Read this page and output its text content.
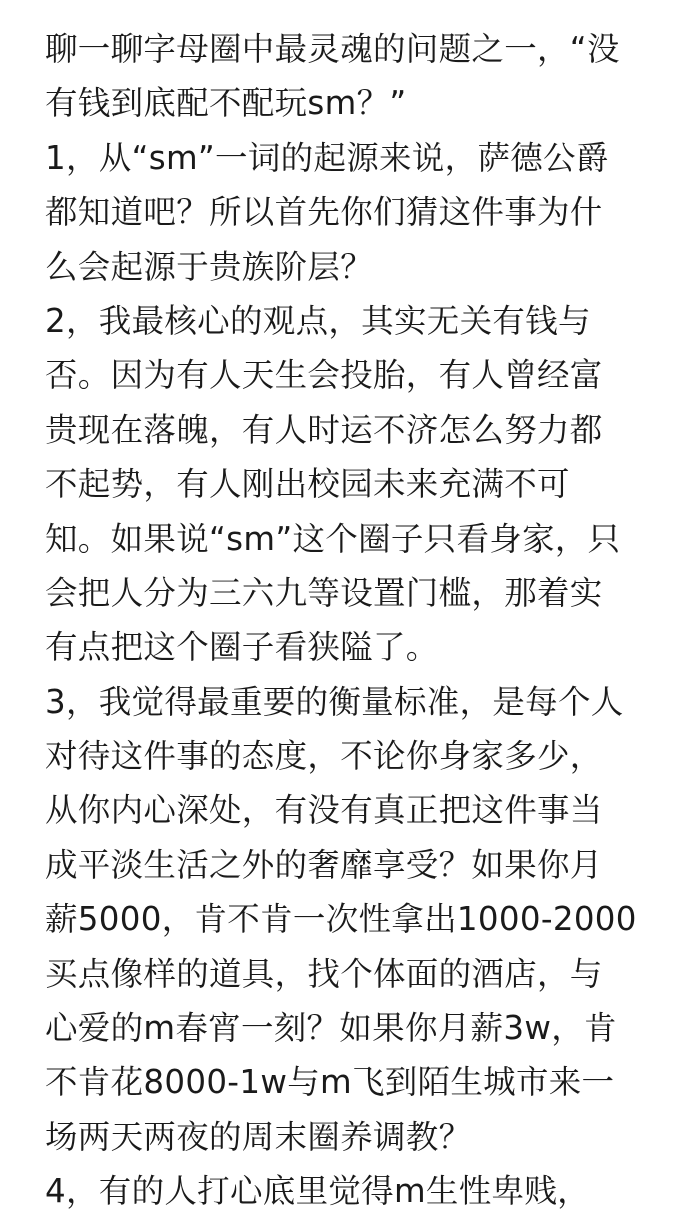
聊一聊字母圈中最灵魂的问题之一，“没
有钱到底配不配玩sm？”
1，从“sm”一词的起源来说，萨德公爵
都知道吧？所以首先你们猜这件事为什
么会起源于贵族阶层？
2，我最核心的观点，其实无关有钱与
否。因为有人天生会投胎，有人曾经富
贵现在落魄，有人时运不济怎么努力都
不起势，有人刚出校园未来充满不可
知。如果说“sm”这个圈子只看身家，只
会把人分为三六九等设置门槛，那着实
有点把这个圈子看狭隘了。
3，我觉得最重要的衡量标准，是每个人
对待这件事的态度，不论你身家多少，
从你内心深处，有没有真正把这件事当
成平淡生活之外的奢靡享受？如果你月
薪5000，肯不肯一次性拿出1000-2000
买点像样的道具，找个体面的酒店，与
心爱的m春宵一刻？如果你月薪3w，肯
不肯花8000-1w与m飞到陌生城市来一
场两天两夜的周末圈养调教？
4，有的人打心底里觉得m生性卑贱，
